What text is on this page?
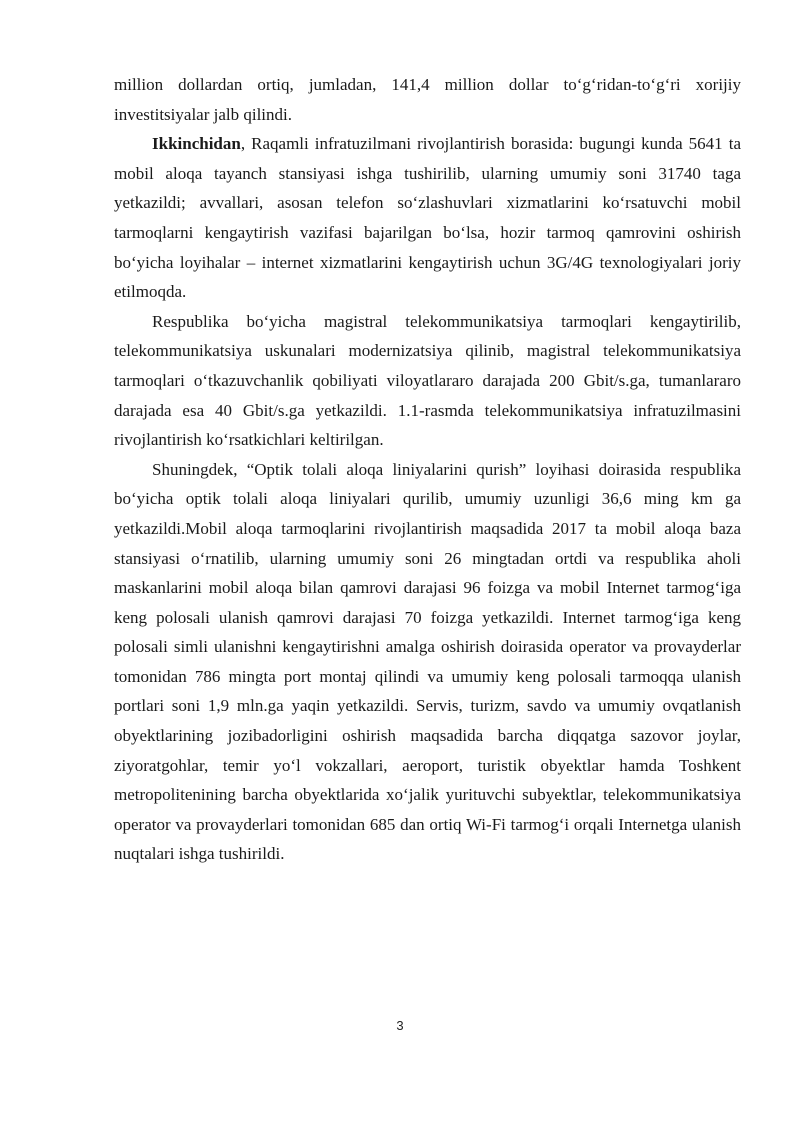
million dollardan ortiq, jumladan, 141,4 million dollar to‘g‘ridan-to‘g‘ri xorijiy investitsiyalar jalb qilindi.

Ikkinchidan, Raqamli infratuzilmani rivojlantirish borasida: bugungi kunda 5641 ta mobil aloqa tayanch stansiyasi ishga tushirilib, ularning umumiy soni 31740 taga yetkazildi; avvallari, asosan telefon so‘zlashuvlari xizmatlarini ko‘rsatuvchi mobil tarmoqlarni kengaytirish vazifasi bajarilgan bo‘lsa, hozir tarmoq qamrovini oshirish bo‘yicha loyihalar – internet xizmatlarini kengaytirish uchun 3G/4G texnologiyalari joriy etilmoqda.

Respublika bo‘yicha magistral telekommunikatsiya tarmoqlari kengaytirilib, telekommunikatsiya uskunalari modernizatsiya qilinib, magistral telekommunikatsiya tarmoqlari o‘tkazuvchanlik qobiliyati viloyatlararo darajada 200 Gbit/s.ga, tumanlararo darajada esa 40 Gbit/s.ga yetkazildi. 1.1-rasmda telekommunikatsiya infratuzilmasini rivojlantirish ko‘rsatkichlari keltirilgan.

Shuningdek, “Optik tolali aloqa liniyalarini qurish” loyihasi doirasida respublika bo‘yicha optik tolali aloqa liniyalari qurilib, umumiy uzunligi 36,6 ming km ga yetkazildi.Mobil aloqa tarmoqlarini rivojlantirish maqsadida 2017 ta mobil aloqa baza stansiyasi o‘rnatilib, ularning umumiy soni 26 mingtadan ortdi va respublika aholi maskanlarini mobil aloqa bilan qamrovi darajasi 96 foizga va mobil Internet tarmog‘iga keng polosali ulanish qamrovi darajasi 70 foizga yetkazildi. Internet tarmog‘iga keng polosali simli ulanishni kengaytirishni amalga oshirish doirasida operator va provayderlar tomonidan 786 mingta port montaj qilindi va umumiy keng polosali tarmoqqa ulanish portlari soni 1,9 mln.ga yaqin yetkazildi. Servis, turizm, savdo va umumiy ovqatlanish obyektlarining jozibadorligini oshirish maqsadida barcha diqqatga sazovor joylar, ziyoratgohlar, temir yo‘l vokzallari, aeroport, turistik obyektlar hamda Toshkent metropolitenining barcha obyektlarida xo‘jalik yurituvchi subyektlar, telekommunikatsiya operator va provayderlari tomonidan 685 dan ortiq Wi-Fi tarmog‘i orqali Internetga ulanish nuqtalari ishga tushirildi.

3
